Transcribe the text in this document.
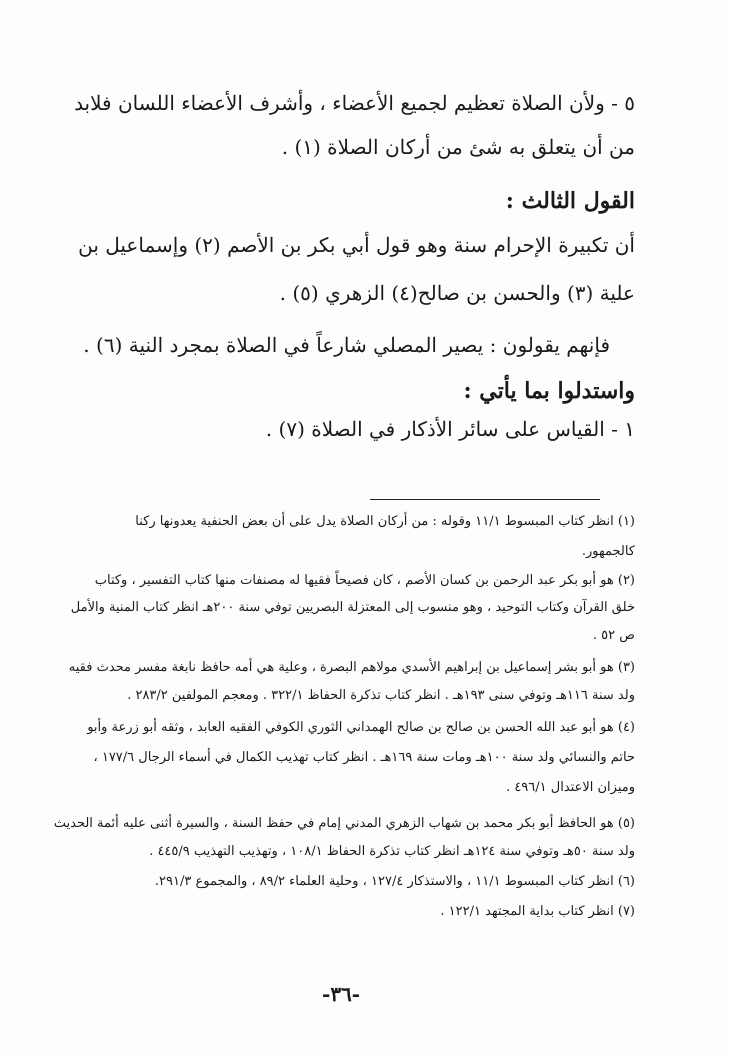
٥ - ولأن الصلاة تعظيم لجميع الأعضاء ، وأشرف الأعضاء اللسان فلابد
من أن يتعلق به شئ من أركان الصلاة (١) .
القول الثالث :
أن تكبيرة الإحرام سنة وهو قول أبي بكر بن الأصم (٢) وإسماعيل بن
علية (٣) والحسن بن صالح(٤) الزهري (٥) .
فإنهم يقولون : يصير المصلي شارعاً في الصلاة بمجرد النية (٦) .
واستدلوا بما يأتي :
١ - القياس على سائر الأذكار في الصلاة (٧) .
(١) انظر كتاب المبسوط ١١/١ وقوله : من أركان الصلاة يدل على أن بعض الحنفية يعدونها ركنا
كالجمهور.
(٢) هو أبو بكر عبد الرحمن بن كسان الأصم ، كان فصيحاً فقيها له مصنفات منها كتاب التفسير ، وكتاب
خلق القرآن وكتاب التوحيد ، وهو منسوب إلى المعتزلة البصريين توفي سنة ٢٠٠هـ انظر كتاب المنية والأمل
ص ٥٢ .
(٣) هو أبو بشر إسماعيل بن إبراهيم الأسدي مولاهم البصرة ، وعلية هي أمه حافظ نابغة مفسر محدث فقيه
ولد سنة ١١٦هـ وتوفي سنى ١٩٣هـ . انظر كتاب تذكرة الحفاظ ٣٢٢/١ . ومعجم المولفين ٢٨٣/٢ .
(٤) هو أبو عبد الله الحسن بن صالح بن صالح الهمداني الثوري الكوفي الفقيه العابد ، وثقه أبو زرعة وأبو
حاتم والنسائي ولد سنة ١٠٠هـ ومات سنة ١٦٩هـ . انظر كتاب تهذيب الكمال في أسماء الرجال ١٧٧/٦ ،
وميزان الاعتدال ٤٩٦/١ .
(٥) هو الحافظ أبو بكر محمد بن شهاب الزهري المدني إمام في حفظ السنة ، والسيرة أثنى عليه أئمة الحديث
ولد سنة ٥٠هـ وتوفي سنة ١٢٤هـ انظر كتاب تذكرة الحفاظ ١٠٨/١ ، وتهذيب التهذيب ٤٤٥/٩ .
(٦) انظر كتاب المبسوط ١١/١ ، والاستذكار ١٢٧/٤ ، وحلية العلماء ٨٩/٢ ، والمجموع ٢٩١/٣.
(٧) انظر كتاب بداية المجتهد ١٢٢/١ .
-٣٦-
